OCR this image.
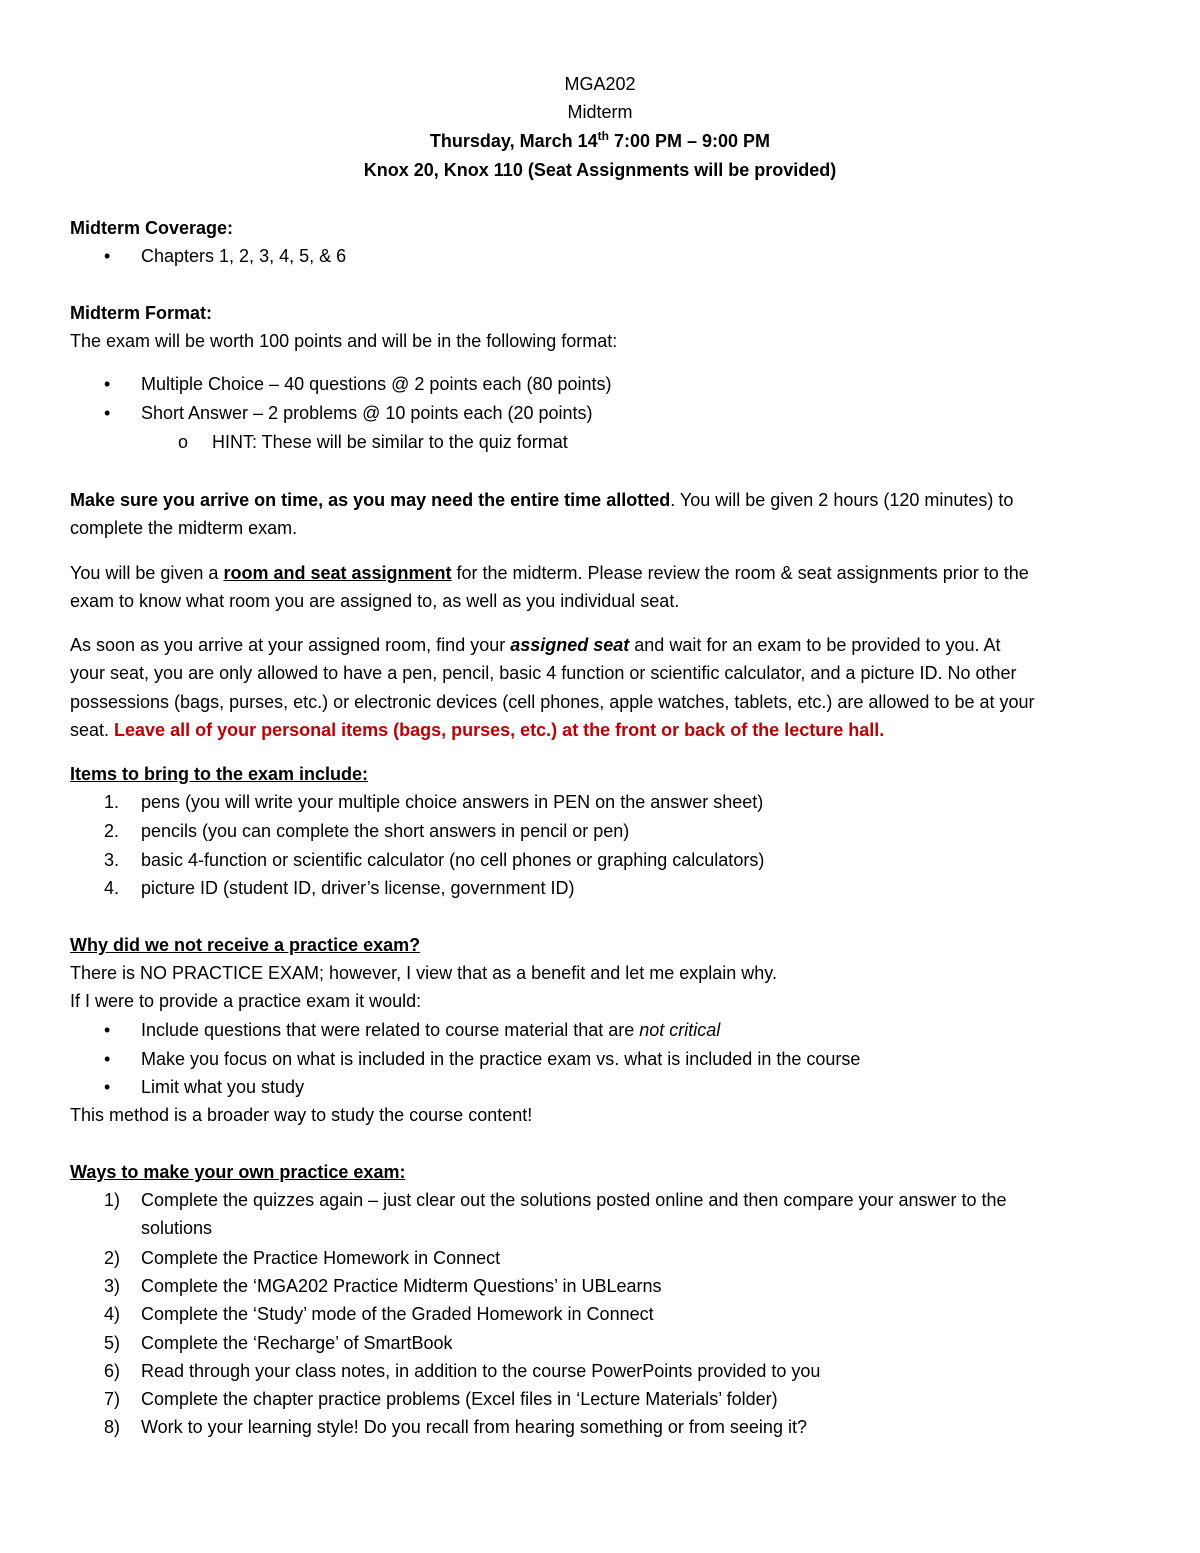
MGA202
Midterm
Thursday, March 14th 7:00 PM – 9:00 PM
Knox 20, Knox 110 (Seat Assignments will be provided)
Midterm Coverage:
• Chapters 1, 2, 3, 4, 5, & 6
Midterm Format:
The exam will be worth 100 points and will be in the following format:
• Multiple Choice – 40 questions @ 2 points each (80 points)
• Short Answer – 2 problems @ 10 points each (20 points)
o HINT: These will be similar to the quiz format
Make sure you arrive on time, as you may need the entire time allotted. You will be given 2 hours (120 minutes) to
complete the midterm exam.
You will be given a room and seat assignment for the midterm. Please review the room & seat assignments prior to the
exam to know what room you are assigned to, as well as you individual seat.
As soon as you arrive at your assigned room, find your assigned seat and wait for an exam to be provided to you. At
your seat, you are only allowed to have a pen, pencil, basic 4 function or scientific calculator, and a picture ID. No other
possessions (bags, purses, etc.) or electronic devices (cell phones, apple watches, tablets, etc.) are allowed to be at your
seat. Leave all of your personal items (bags, purses, etc.) at the front or back of the lecture hall.
Items to bring to the exam include:
1. pens (you will write your multiple choice answers in PEN on the answer sheet)
2. pencils (you can complete the short answers in pencil or pen)
3. basic 4-function or scientific calculator (no cell phones or graphing calculators)
4. picture ID (student ID, driver’s license, government ID)
Why did we not receive a practice exam?
There is NO PRACTICE EXAM; however, I view that as a benefit and let me explain why.
If I were to provide a practice exam it would:
• Include questions that were related to course material that are not critical
• Make you focus on what is included in the practice exam vs. what is included in the course
• Limit what you study
This method is a broader way to study the course content!
Ways to make your own practice exam:
1) Complete the quizzes again – just clear out the solutions posted online and then compare your answer to the
solutions
2) Complete the Practice Homework in Connect
3) Complete the ‘MGA202 Practice Midterm Questions’ in UBLearns
4) Complete the ‘Study’ mode of the Graded Homework in Connect
5) Complete the ‘Recharge’ of SmartBook
6) Read through your class notes, in addition to the course PowerPoints provided to you
7) Complete the chapter practice problems (Excel files in ‘Lecture Materials’ folder)
8) Work to your learning style! Do you recall from hearing something or from seeing it?
